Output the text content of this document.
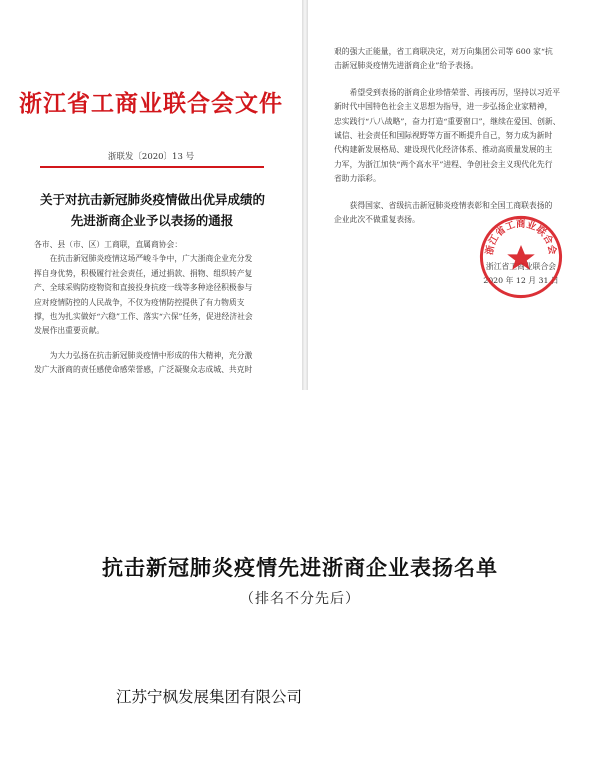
浙江省工商业联合会文件
浙联发〔2020〕13 号
关于对抗击新冠肺炎疫情做出优异成绩的
先进浙商企业予以表扬的通报
各市、县（市、区）工商联，直属商协会：
　　在抗击新冠肺炎疫情这场严峻斗争中，广大浙商企业充分发
挥自身优势，积极履行社会责任，通过捐款、捐物、组织转产复
产、全球采购防疫物资和直接投身抗疫一线等多种途径积极参与
应对疫情防控的人民战争，不仅为疫情防控提供了有力物质支
撑，也为扎实做好“六稳”工作、落实“六保”任务，促进经济社会
发展作出重要贡献。
　　为大力弘扬在抗击新冠肺炎疫情中形成的伟大精神，充分激
发广大浙商的责任感使命感荣誉感，广泛凝聚众志成城、共克时
艰的强大正能量，省工商联决定，对万向集团公司等 600 家“抗
击新冠肺炎疫情先进浙商企业”给予表扬。
　　希望受到表扬的浙商企业珍惜荣誉、再接再厉，坚持以习近平
新时代中国特色社会主义思想为指导，进一步弘扬企业家精神，
忠实践行“八八战略”，奋力打造“重要窗口”，继续在爱国、创新、
诚信、社会责任和国际视野等方面不断提升自己，努力成为新时
代构建新发展格局、建设现代化经济体系、推动高质量发展的主
力军，为浙江加快“两个高水平”进程、争创社会主义现代化先行
省助力添彩。
　　获得国家、省级抗击新冠肺炎疫情表彰和全国工商联表扬的
企业此次不做重复表扬。
浙江省工商业联合会
2020 年 12 月 31 日
浙江省工商业联合会
抗击新冠肺炎疫情先进浙商企业表扬名单
（排名不分先后）
江苏宁枫发展集团有限公司
